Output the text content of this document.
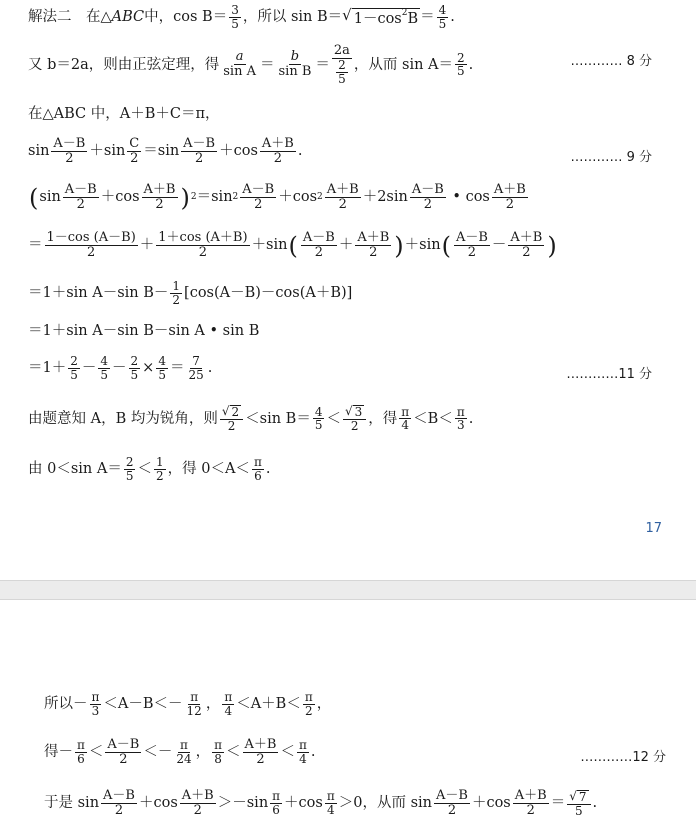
解法二　在△ ABC 中，$\cos B= \frac{3}{5}$ ，所以 sin B＝ √ $1-\cos^2B = \frac{4}{5}$ .
又 b＝2a，则由正弦定理，得 $\frac{a}{\text{sin A}} = \frac{b}{\text{sin B}} = \frac{2a}{\frac{2}{5}}$ ，从而 $\sin A= \frac{2}{5}$ .	………… 8 分
在△ABC 中，A＋B＋C＝π，
$\sin \frac{A-B}{2} +\sin \frac{C}{2} =\sin \frac{A-B}{2} +\cos \frac{A+B}{2}$ .	………… 9 分
( $\sin \frac{A-B}{2} +\cos \frac{A+B}{2}$ ) 2 ＝sin $2 \frac{A-B}{2} +\cos$ $2 \frac{A+B}{2} +2\sin \frac{A-B}{2}$ • $\cos \frac{A+B}{2}$
＝ $\frac{1-\cos (A-B)}{2} + \frac{1+\cos (A+B)}{2} +\sin$ ( $\frac{A-B}{2} + \frac{A+B}{2}$ ) ＋sin ( $\frac{A-B}{2} - \frac{A+B}{2}$ )
＝1＋sin A－sin $B- \frac{1}{2} [\cos(A-B)-\cos(A+B)]$
＝1＋sin A－sin B－sin A • sin B
$=1+ \frac{2}{5} - \frac{4}{5} - \frac{2}{5} \times \frac{4}{5} = \frac{7}{25}$ .	…………11 分
由题意知 A，B 均为锐角，则 $\frac{√ 2}{2} <\sin$ $B= \frac{4}{5} < \frac{√ 3}{2}$ ，得 $\frac{\pi}{4} <B< \frac{\pi}{3}$ .
由 0＜sin $A= \frac{2}{5} < \frac{1}{2}$ ，得 $0<A< \frac{\pi}{6}$ .
17
所以－ $\frac{\pi}{3} <A-B<- \frac{\pi}{12}$ ， $\frac{\pi}{4} <A+B< \frac{\pi}{2}$ ，
得－ $\frac{\pi}{6} < \frac{A-B}{2} <- \frac{\pi}{24}$ ， $\frac{\pi}{8} < \frac{A+B}{2} < \frac{\pi}{4}$ .	…………12 分
于是 $\sin \frac{A-B}{2} +\cos \frac{A+B}{2} >-\sin \frac{\pi}{6} +\cos \frac{\pi}{4} >0$，从而 $\sin \frac{A-B}{2} +\cos \frac{A+B}{2} = \frac{√ 7}{5}$ .
